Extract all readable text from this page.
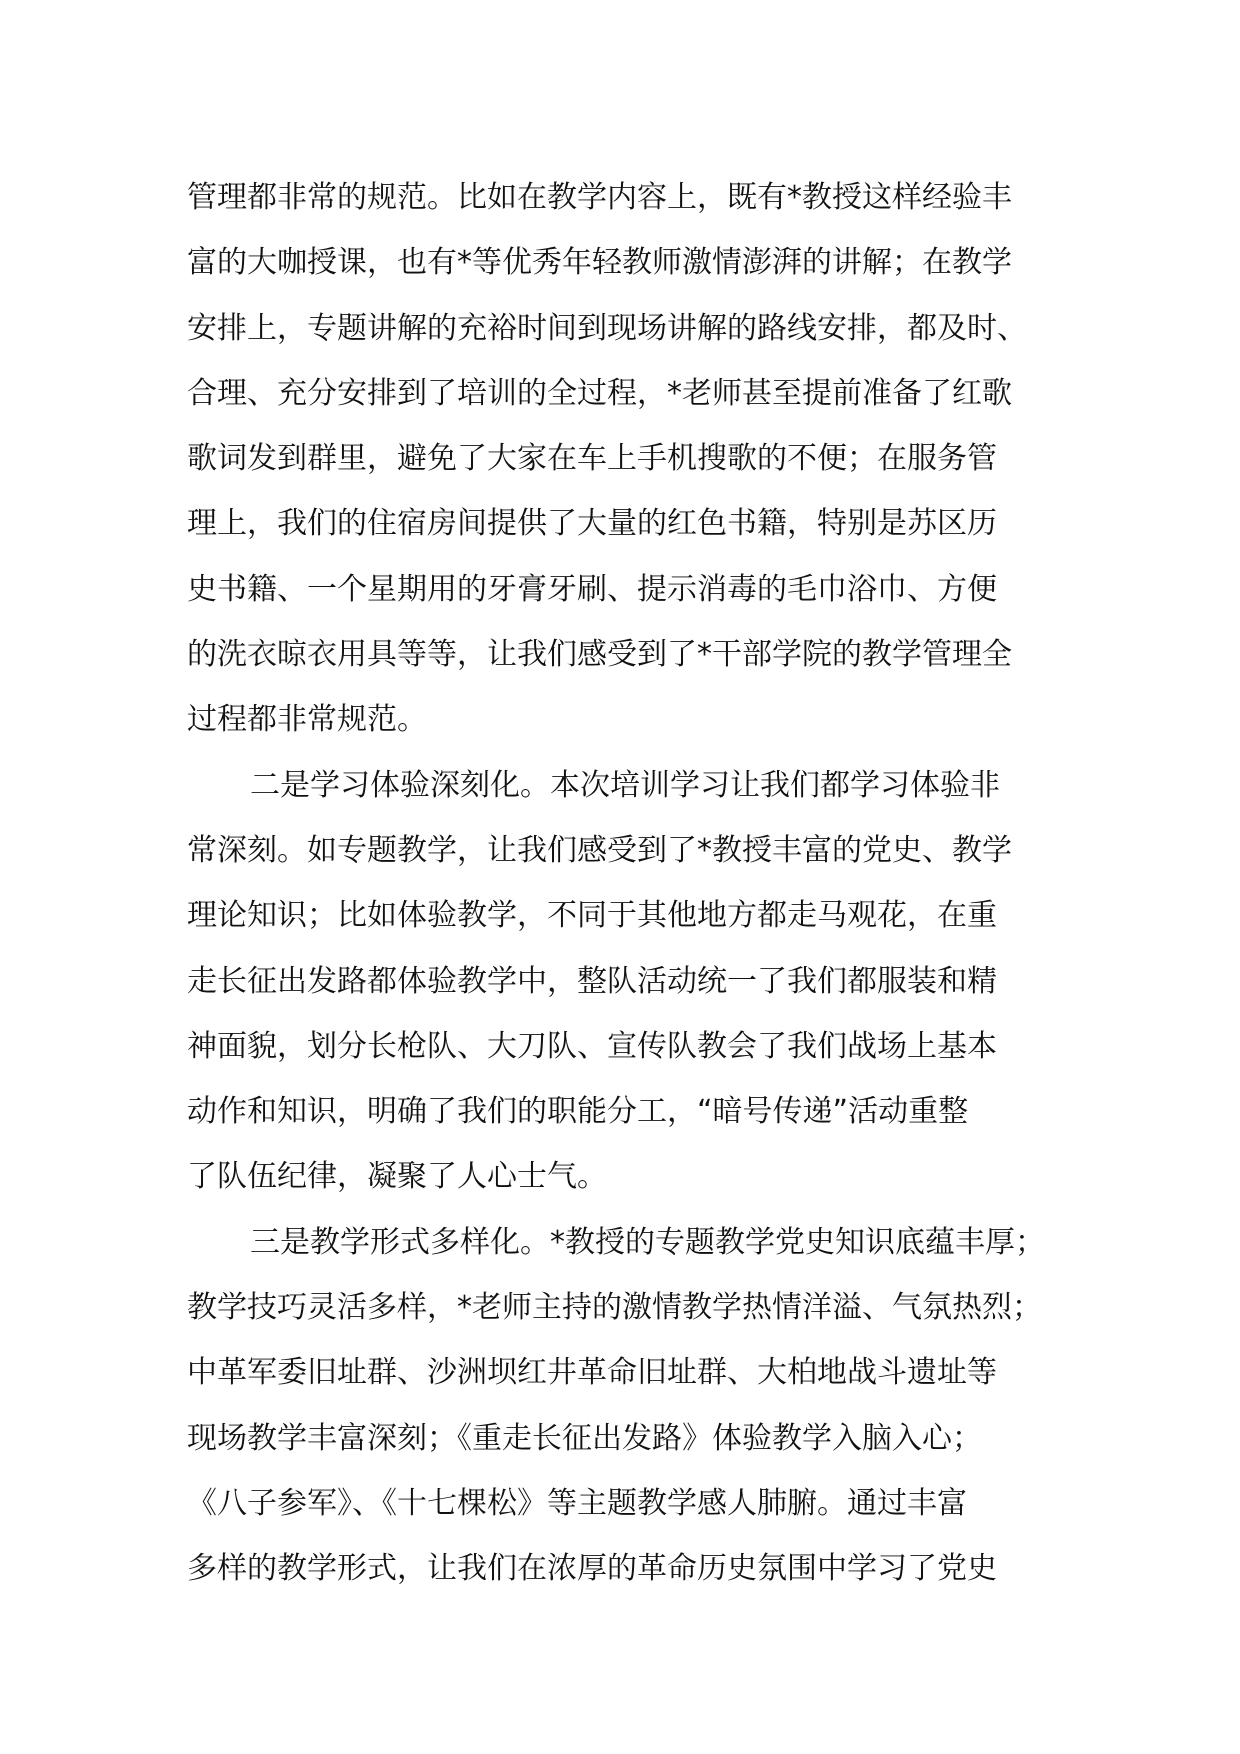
管理都非常的规范。比如在教学内容上，既有*教授这样经验丰
富的大咖授课，也有*等优秀年轻教师激情澎湃的讲解；在教学
安排上，专题讲解的充裕时间到现场讲解的路线安排，都及时、
合理、充分安排到了培训的全过程，*老师甚至提前准备了红歌
歌词发到群里，避免了大家在车上手机搜歌的不便；在服务管
理上，我们的住宿房间提供了大量的红色书籍，特别是苏区历
史书籍、一个星期用的牙膏牙刷、提示消毒的毛巾浴巾、方便
的洗衣晾衣用具等等，让我们感受到了*干部学院的教学管理全
过程都非常规范。
二是学习体验深刻化。本次培训学习让我们都学习体验非
常深刻。如专题教学，让我们感受到了*教授丰富的党史、教学
理论知识；比如体验教学，不同于其他地方都走马观花，在重
走长征出发路都体验教学中，整队活动统一了我们都服装和精
神面貌，划分长枪队、大刀队、宣传队教会了我们战场上基本
动作和知识，明确了我们的职能分工，“暗号传递”活动重整
了队伍纪律，凝聚了人心士气。
三是教学形式多样化。*教授的专题教学党史知识底蕴丰厚；
教学技巧灵活多样，*老师主持的激情教学热情洋溢、气氛热烈；
中革军委旧址群、沙洲坝红井革命旧址群、大柏地战斗遗址等
现场教学丰富深刻；《重走长征出发路》体验教学入脑入心；
《八子参军》、《十七棵松》等主题教学感人肺腑。通过丰富
多样的教学形式，让我们在浓厚的革命历史氛围中学习了党史
